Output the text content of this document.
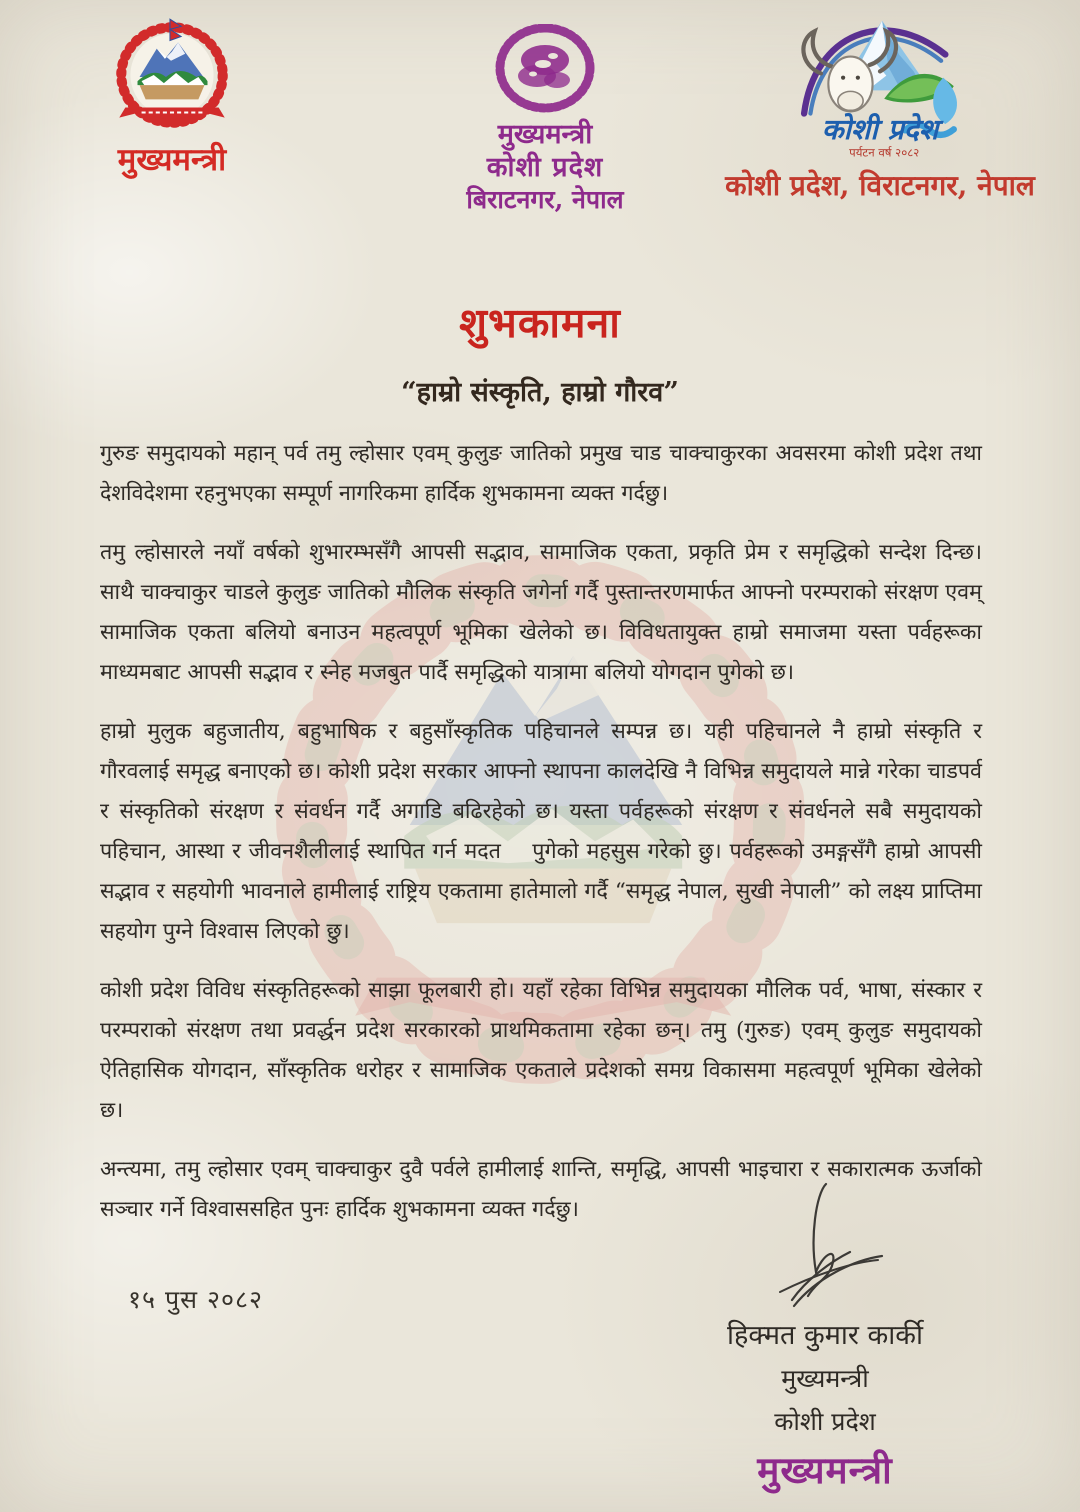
मुख्यमन्त्री
मुख्यमन्त्री
कोशी प्रदेश
बिराटनगर, नेपाल
कोशी प्रदेश
पर्यटन वर्ष २०८२
कोशी प्रदेश, विराटनगर, नेपाल
शुभकामना
“हाम्रो संस्कृति, हाम्रो गौरव”

गुरुङ समुदायको महान् पर्व तमु ल्होसार एवम् कुलुङ जातिको प्रमुख चाड चाक्चाकुरका अवसरमा कोशी प्रदेश तथा देशविदेशमा रहनुभएका सम्पूर्ण नागरिकमा हार्दिक शुभकामना व्यक्त गर्दछु।

तमु ल्होसारले नयाँ वर्षको शुभारम्भसँगै आपसी सद्भाव, सामाजिक एकता, प्रकृति प्रेम र समृद्धिको सन्देश दिन्छ। साथै चाक्चाकुर चाडले कुलुङ जातिको मौलिक संस्कृति जगेर्ना गर्दै पुस्तान्तरणमार्फत आफ्नो परम्पराको संरक्षण एवम् सामाजिक एकता बलियो बनाउन महत्वपूर्ण भूमिका खेलेको छ। विविधतायुक्त हाम्रो समाजमा यस्ता पर्वहरूका माध्यमबाट आपसी सद्भाव र स्नेह मजबुत पार्दै समृद्धिको यात्रामा बलियो योगदान पुगेको छ।

हाम्रो मुलुक बहुजातीय, बहुभाषिक र बहुसाँस्कृतिक पहिचानले सम्पन्न छ। यही पहिचानले नै हाम्रो संस्कृति र गौरवलाई समृद्ध बनाएको छ। कोशी प्रदेश सरकार आफ्नो स्थापना कालदेखि नै विभिन्न समुदायले मान्ने गरेका चाडपर्व र संस्कृतिको संरक्षण र संवर्धन गर्दै अगाडि बढिरहेको छ। यस्ता पर्वहरूको संरक्षण र संवर्धनले सबै समुदायको पहिचान, आस्था र जीवनशैलीलाई स्थापित गर्न मदत    पुगेको महसुस गरेको छु। पर्वहरूको उमङ्गसँगै हाम्रो आपसी सद्भाव र सहयोगी भावनाले हामीलाई राष्ट्रिय एकतामा हातेमालो गर्दै “समृद्ध नेपाल, सुखी नेपाली” को लक्ष्य प्राप्तिमा सहयोग पुग्ने विश्वास लिएको छु।

कोशी प्रदेश विविध संस्कृतिहरूको साझा फूलबारी हो। यहाँ रहेका विभिन्न समुदायका मौलिक पर्व, भाषा, संस्कार र परम्पराको संरक्षण तथा प्रवर्द्धन प्रदेश सरकारको प्राथमिकतामा रहेका छन्। तमु (गुरुङ) एवम् कुलुङ समुदायको ऐतिहासिक योगदान, साँस्कृतिक धरोहर र सामाजिक एकताले प्रदेशको समग्र विकासमा महत्वपूर्ण भूमिका खेलेको छ।

अन्त्यमा, तमु ल्होसार एवम् चाक्चाकुर दुवै पर्वले हामीलाई शान्ति, समृद्धि, आपसी भाइचारा र सकारात्मक ऊर्जाको सञ्चार गर्ने विश्वाससहित पुनः हार्दिक शुभकामना व्यक्त गर्दछु।

१५ पुस २०८२
हिक्मत कुमार कार्की
मुख्यमन्त्री
कोशी प्रदेश
मुख्यमन्त्री
